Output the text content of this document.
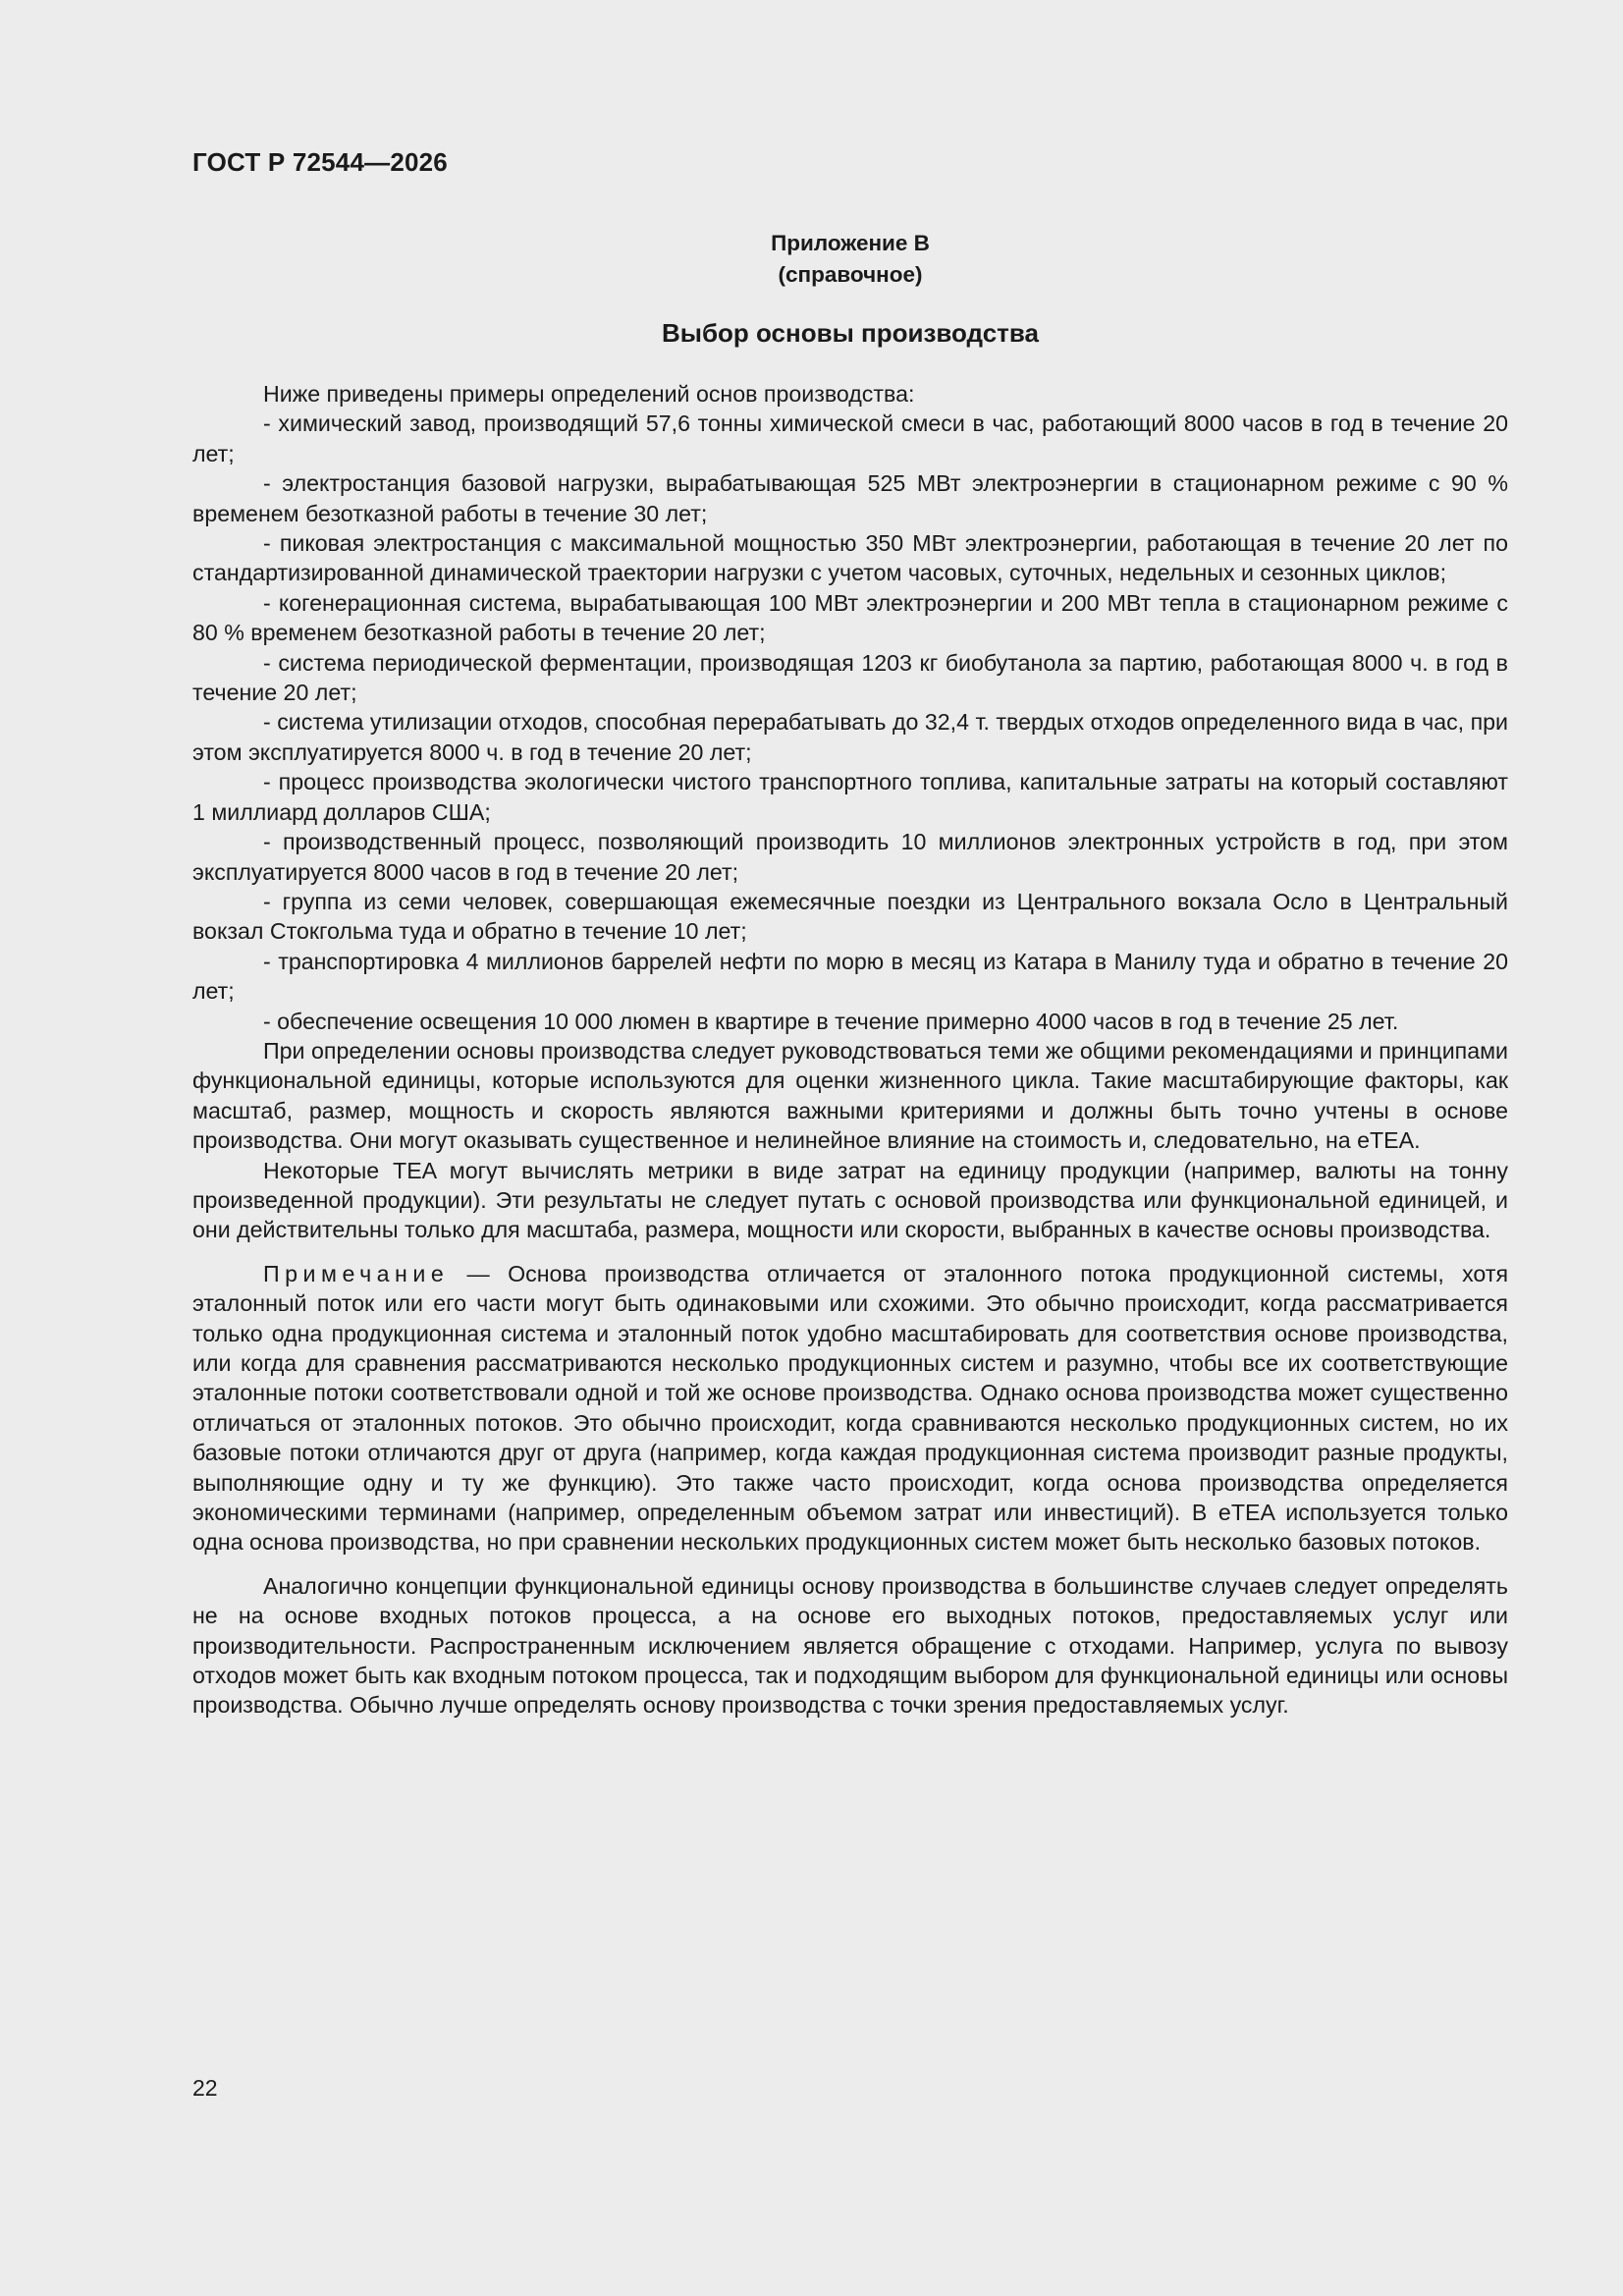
ГОСТ Р 72544—2026
Приложение В
(справочное)
Выбор основы производства

Ниже приведены примеры определений основ производства:

- химический завод, производящий 57,6 тонны химической смеси в час, работающий 8000 часов в год в течение 20 лет;

- электростанция базовой нагрузки, вырабатывающая 525 МВт электроэнергии в стационарном режиме с 90 % временем безотказной работы в течение 30 лет;

- пиковая электростанция с максимальной мощностью 350 МВт электроэнергии, работающая в течение 20 лет по стандартизированной динамической траектории нагрузки с учетом часовых, суточных, недельных и сезонных циклов;

- когенерационная система, вырабатывающая 100 МВт электроэнергии и 200 МВт тепла в стационарном режиме с 80 % временем безотказной работы в течение 20 лет;

- система периодической ферментации, производящая 1203 кг биобутанола за партию, работающая 8000 ч. в год в течение 20 лет;

- система утилизации отходов, способная перерабатывать до 32,4 т. твердых отходов определенного вида в час, при этом эксплуатируется 8000 ч. в год в течение 20 лет;

- процесс производства экологически чистого транспортного топлива, капитальные затраты на который составляют 1 миллиард долларов США;

- производственный процесс, позволяющий производить 10 миллионов электронных устройств в год, при этом эксплуатируется 8000 часов в год в течение 20 лет;

- группа из семи человек, совершающая ежемесячные поездки из Центрального вокзала Осло в Центральный вокзал Стокгольма туда и обратно в течение 10 лет;

- транспортировка 4 миллионов баррелей нефти по морю в месяц из Катара в Манилу туда и обратно в течение 20 лет;

- обеспечение освещения 10 000 люмен в квартире в течение примерно 4000 часов в год в течение 25 лет.

При определении основы производства следует руководствоваться теми же общими рекомендациями и принципами функциональной единицы, которые используются для оценки жизненного цикла. Такие масштабирующие факторы, как масштаб, размер, мощность и скорость являются важными критериями и должны быть точно учтены в основе производства. Они могут оказывать существенное и нелинейное влияние на стоимость и, следовательно, на eTEA.

Некоторые TEA могут вычислять метрики в виде затрат на единицу продукции (например, валюты на тонну произведенной продукции). Эти результаты не следует путать с основой производства или функциональной единицей, и они действительны только для масштаба, размера, мощности или скорости, выбранных в качестве основы производства.

Примечание — Основа производства отличается от эталонного потока продукционной системы, хотя эталонный поток или его части могут быть одинаковыми или схожими. Это обычно происходит, когда рассматривается только одна продукционная система и эталонный поток удобно масштабировать для соответствия основе производства, или когда для сравнения рассматриваются несколько продукционных систем и разумно, чтобы все их соответствующие эталонные потоки соответствовали одной и той же основе производства. Однако основа производства может существенно отличаться от эталонных потоков. Это обычно происходит, когда сравниваются несколько продукционных систем, но их базовые потоки отличаются друг от друга (например, когда каждая продукционная система производит разные продукты, выполняющие одну и ту же функцию). Это также часто происходит, когда основа производства определяется экономическими терминами (например, определенным объемом затрат или инвестиций). В eTEA используется только одна основа производства, но при сравнении нескольких продукционных систем может быть несколько базовых потоков.

Аналогично концепции функциональной единицы основу производства в большинстве случаев следует определять не на основе входных потоков процесса, а на основе его выходных потоков, предоставляемых услуг или производительности. Распространенным исключением является обращение с отходами. Например, услуга по вывозу отходов может быть как входным потоком процесса, так и подходящим выбором для функциональной единицы или основы производства. Обычно лучше определять основу производства с точки зрения предоставляемых услуг.

22
